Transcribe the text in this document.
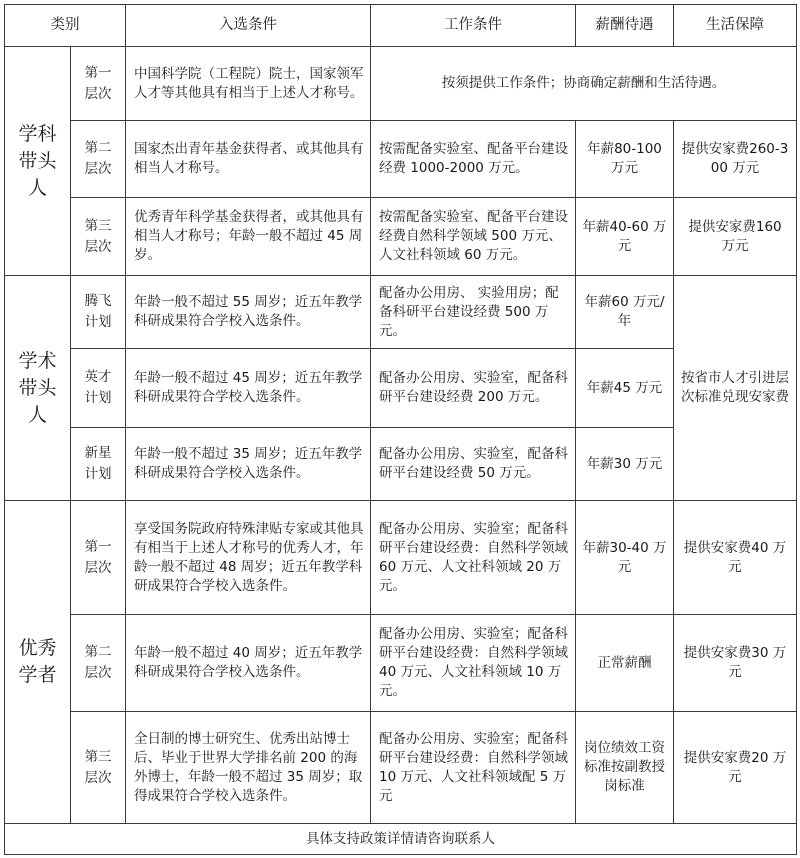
类别		入选条件	工作条件	薪酬待遇	生活保障
学科带头人	第一层次	中国科学院（工程院）院士，国家领军人才等其他具有相当于上述人才称号。	按须提供工作条件；协商确定薪酬和生活待遇。		
	第二层次	国家杰出青年基金获得者、或其他具有相当人才称号。	按需配备实验室、配备平台建设经费 1000-2000 万元。	年薪80-100 万元	提供安家费260-300 万元
	第三层次	优秀青年科学基金获得者，或其他具有相当人才称号；年龄一般不超过 45 周岁。	按需配备实验室、配备平台建设经费自然科学领域 500 万元、人文社科领域 60 万元。	年薪40-60 万元	提供安家费160 万元
学术带头人	腾飞计划	年龄一般不超过 55 周岁；近五年教学科研成果符合学校入选条件。	配备办公用房、 实验用房；配备科研平台建设经费 500 万元。	年薪60 万元/年	按省市人才引进层次标准兑现安家费
	英才计划	年龄一般不超过 45 周岁；近五年教学科研成果符合学校入选条件。	配备办公用房、实验室，配备科研平台建设经费 200 万元。	年薪45 万元	
	新星计划	年龄一般不超过 35 周岁；近五年教学科研成果符合学校入选条件。	配备办公用房、实验室，配备科研平台建设经费 50 万元。	年薪30 万元	
优秀学者	第一层次	享受国务院政府特殊津贴专家或其他具有相当于上述人才称号的优秀人才，年龄一般不超过 48 周岁；近五年教学科研成果符合学校入选条件。	配备办公用房、实验室；配备科研平台建设经费：自然科学领域 60 万元、人文社科领域 20 万元。	年薪30-40 万元	提供安家费40 万元
	第二层次	年龄一般不超过 40 周岁；近五年教学科研成果符合学校入选条件。	配备办公用房、实验室；配备科研平台建设经费：自然科学领域 40 万元、人文社科领域 10 万元。	正常薪酬	提供安家费30 万元
	第三层次	全日制的博士研究生、优秀出站博士后、毕业于世界大学排名前 200 的海外博士，年龄一般不超过 35 周岁；取得成果符合学校入选条件。	配备办公用房、实验室；配备科研平台建设经费：自然科学领域 10 万元、人文社科领域配 5 万元	岗位绩效工资标准按副教授岗标准	提供安家费20 万元
具体支持政策详情请咨询联系人					
